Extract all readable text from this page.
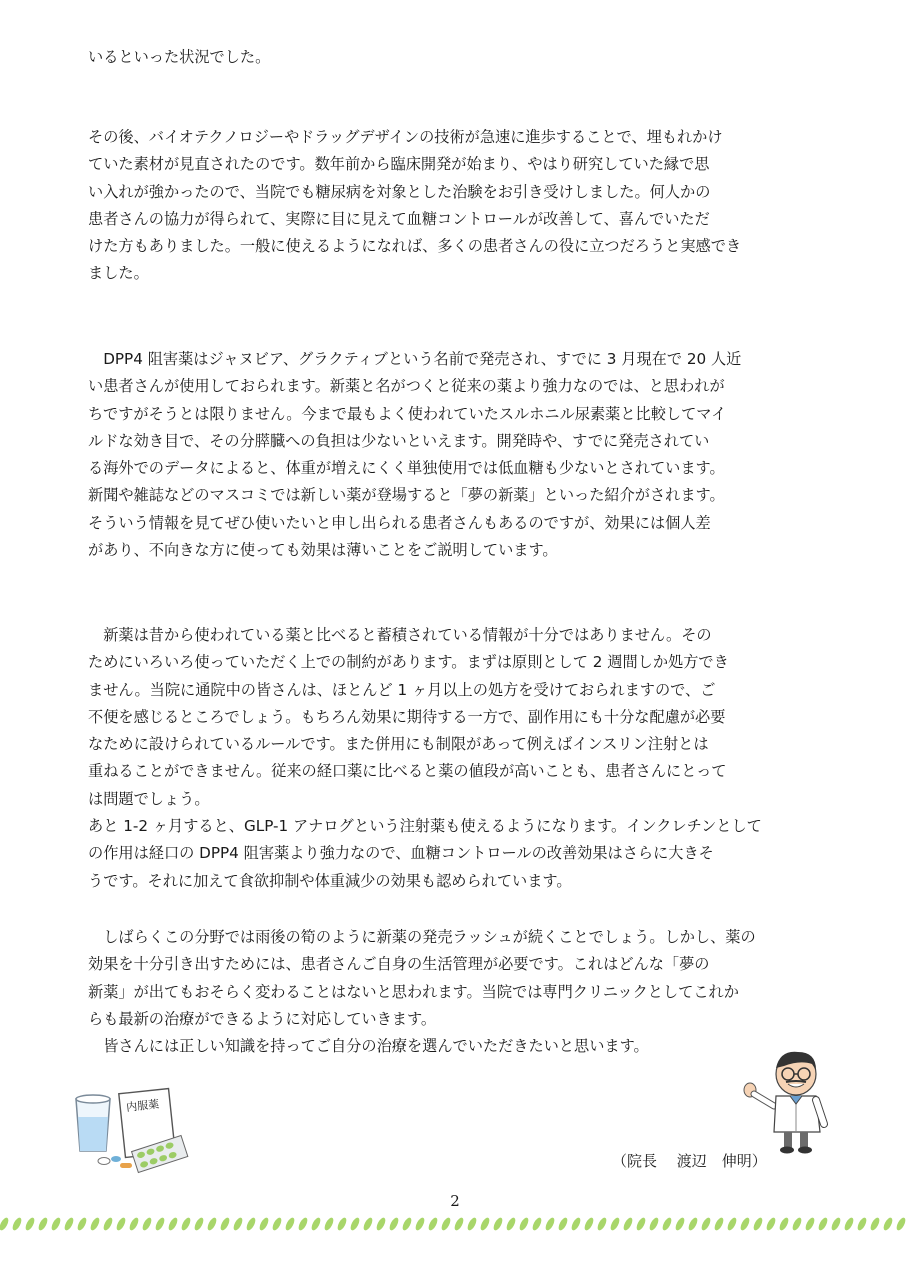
いるといった状況でした。
その後、バイオテクノロジーやドラッグデザインの技術が急速に進歩することで、埋もれかけ
ていた素材が見直されたのです。数年前から臨床開発が始まり、やはり研究していた縁で思
い入れが強かったので、当院でも糖尿病を対象とした治験をお引き受けしました。何人かの
患者さんの協力が得られて、実際に目に見えて血糖コントロールが改善して、喜んでいただ
けた方もありました。一般に使えるようになれば、多くの患者さんの役に立つだろうと実感でき
ました。
　DPP4 阻害薬はジャヌビア、グラクティブという名前で発売され、すでに 3 月現在で 20 人近
い患者さんが使用しておられます。新薬と名がつくと従来の薬より強力なのでは、と思われが
ちですがそうとは限りません。今まで最もよく使われていたスルホニル尿素薬と比較してマイ
ルドな効き目で、その分膵臓への負担は少ないといえます。開発時や、すでに発売されてい
る海外でのデータによると、体重が増えにくく単独使用では低血糖も少ないとされています。
新聞や雑誌などのマスコミでは新しい薬が登場すると「夢の新薬」といった紹介がされます。
そういう情報を見てぜひ使いたいと申し出られる患者さんもあるのですが、効果には個人差
があり、不向きな方に使っても効果は薄いことをご説明しています。
　新薬は昔から使われている薬と比べると蓄積されている情報が十分ではありません。その
ためにいろいろ使っていただく上での制約があります。まずは原則として 2 週間しか処方でき
ません。当院に通院中の皆さんは、ほとんど 1 ヶ月以上の処方を受けておられますので、ご
不便を感じるところでしょう。もちろん効果に期待する一方で、副作用にも十分な配慮が必要
なために設けられているルールです。また併用にも制限があって例えばインスリン注射とは
重ねることができません。従来の経口薬に比べると薬の値段が高いことも、患者さんにとって
は問題でしょう。
あと 1-2 ヶ月すると、GLP-1 アナログという注射薬も使えるようになります。インクレチンとして
の作用は経口の DPP4 阻害薬より強力なので、血糖コントロールの改善効果はさらに大きそ
うです。それに加えて食欲抑制や体重減少の効果も認められています。
　しばらくこの分野では雨後の筍のように新薬の発売ラッシュが続くことでしょう。しかし、薬の
効果を十分引き出すためには、患者さんご自身の生活管理が必要です。これはどんな「夢の
新薬」が出てもおそらく変わることはないと思われます。当院では専門クリニックとしてこれか
らも最新の治療ができるように対応していきます。
　皆さんには正しい知識を持ってご自分の治療を選んでいただきたいと思います。
内服薬
（院長　 渡辺　伸明）
2
